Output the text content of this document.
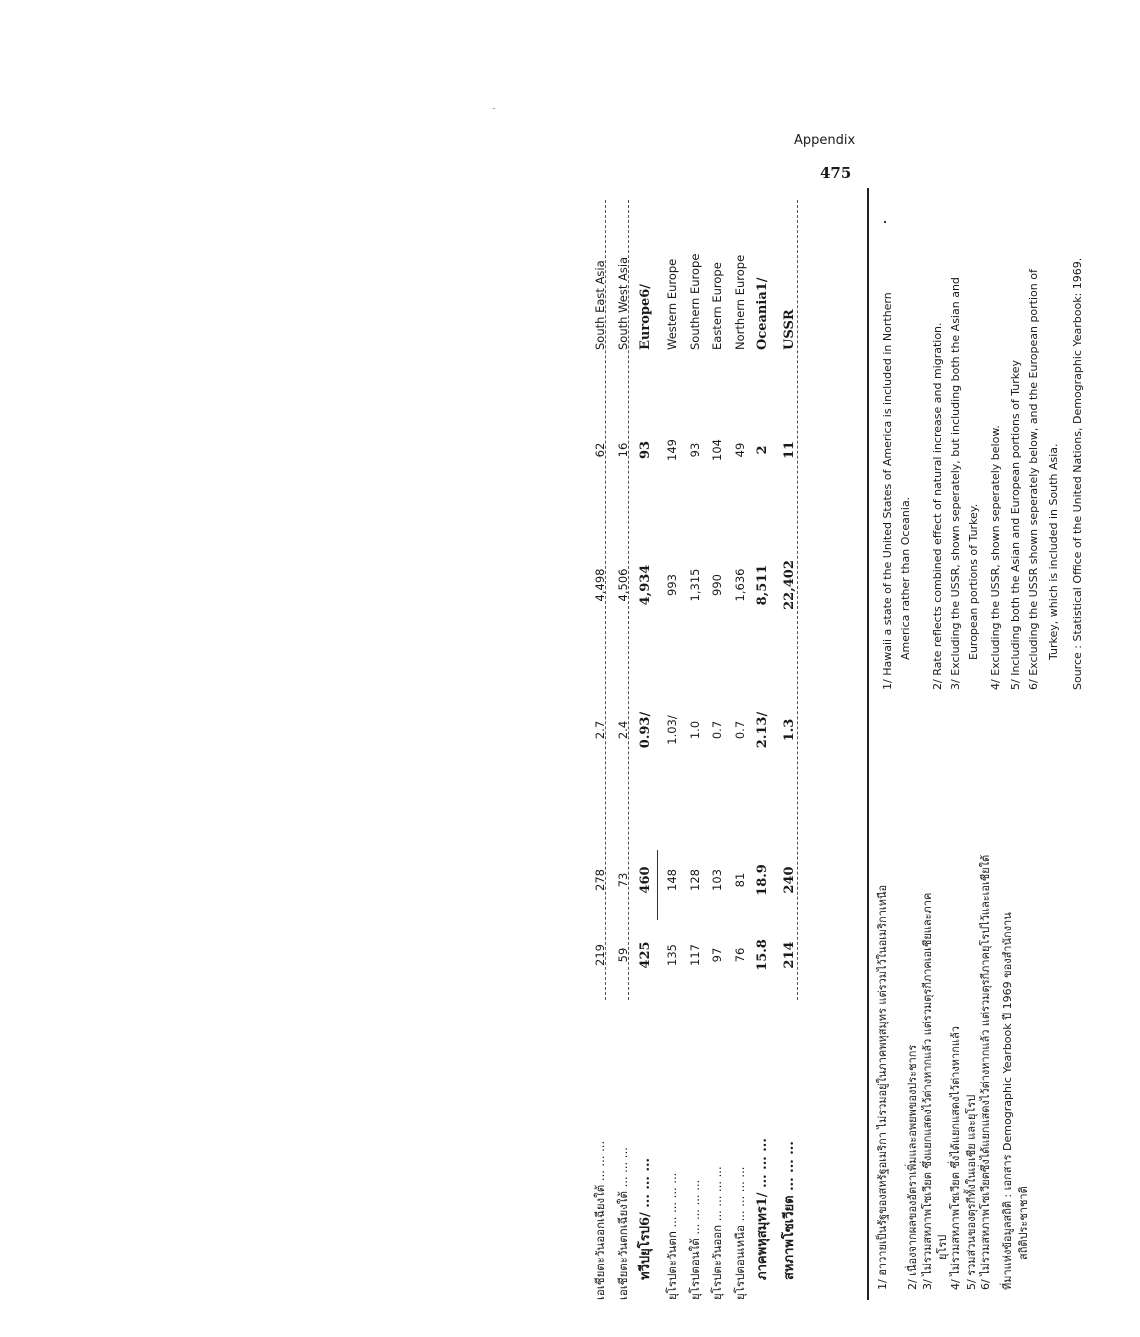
Appendix
475
เอเชียตะวันออกเฉียงใต้ ... ... ...
219
278
2.7
4,498
62
South East Asia
เอเชียตะวันตกเฉียงใต้ ... ... ...
59
73
2.4
4,506
16
South West Asia
ทวีปยุโรป6/ ... ... ...
425
460
0.93/
4,934
93
Europe6/
ยุโรปตะวันตก ... ... ... ...
135
148
1.03/
993
149
Western Europe
ยุโรปตอนใต้ ... ... ... ...
117
128
1.0
1,315
93
Southern Europe
ยุโรปตะวันออก ... ... ... ...
97
103
0.7
990
104
Eastern Europe
ยุโรปตอนเหนือ ... ... ... ...
76
81
0.7
1,636
49
Northern Europe
ภาคพหุสมุทร1/ ... ... ...
15.8
18.9
2.13/
8,511
2
Oceania1/
สหภาพโซเวียต ... ... ...
214
240
1.3
22,402
11
USSR
1/ ฮาวายเป็นรัฐของสหรัฐอเมริกา ไม่รวมอยู่ในภาคพหุสมุทร แต่รวมไว้ในอเมริกาเหนือ 2/ เนื่องจากผลของอัตราเพิ่มและอพยพของประชากร 3/ ไม่รวมสหภาพโซเวียต ซึ่งแยกแสดงไว้ต่างหากแล้ว แต่รวมตุรกีภาคเอเชียและภาค ยุโรป 4/ ไม่รวมสหภาพโซเวียต ซึ่งได้แยกแสดงไว้ต่างหากแล้ว 5/ รวมส่วนของตุรกีทั้งในเอเชีย และยุโรป 6/ ไม่รวมสหภาพโซเวียตซึ่งได้แยกแสดงไว้ต่างหากแล้ว แต่รวมตุรกีภาคยุโรปไว้และเอเชียใต้ ที่มาแห่งข้อมูลสถิติ : เอกสาร Demographic Yearbook ปี 1969 ของสำนักงาน สถิติประชาชาติ
1/ Hawaii a state of the United States of America is included in Northern America rather than Oceania. 2/ Rate reflects combined effect of natural increase and migration. 3/ Excluding the USSR, shown seperately, but including both the Asian and European portions of Turkey. 4/ Excluding the USSR, shown seperately below. 5/ Including both the Asian and European portions of Turkey 6/ Excluding the USSR shown seperately below, and the European portion of Turkey, which is included in South Asia. Source : Statistical Office of the United Nations, Demographic Yearbook: 1969.
